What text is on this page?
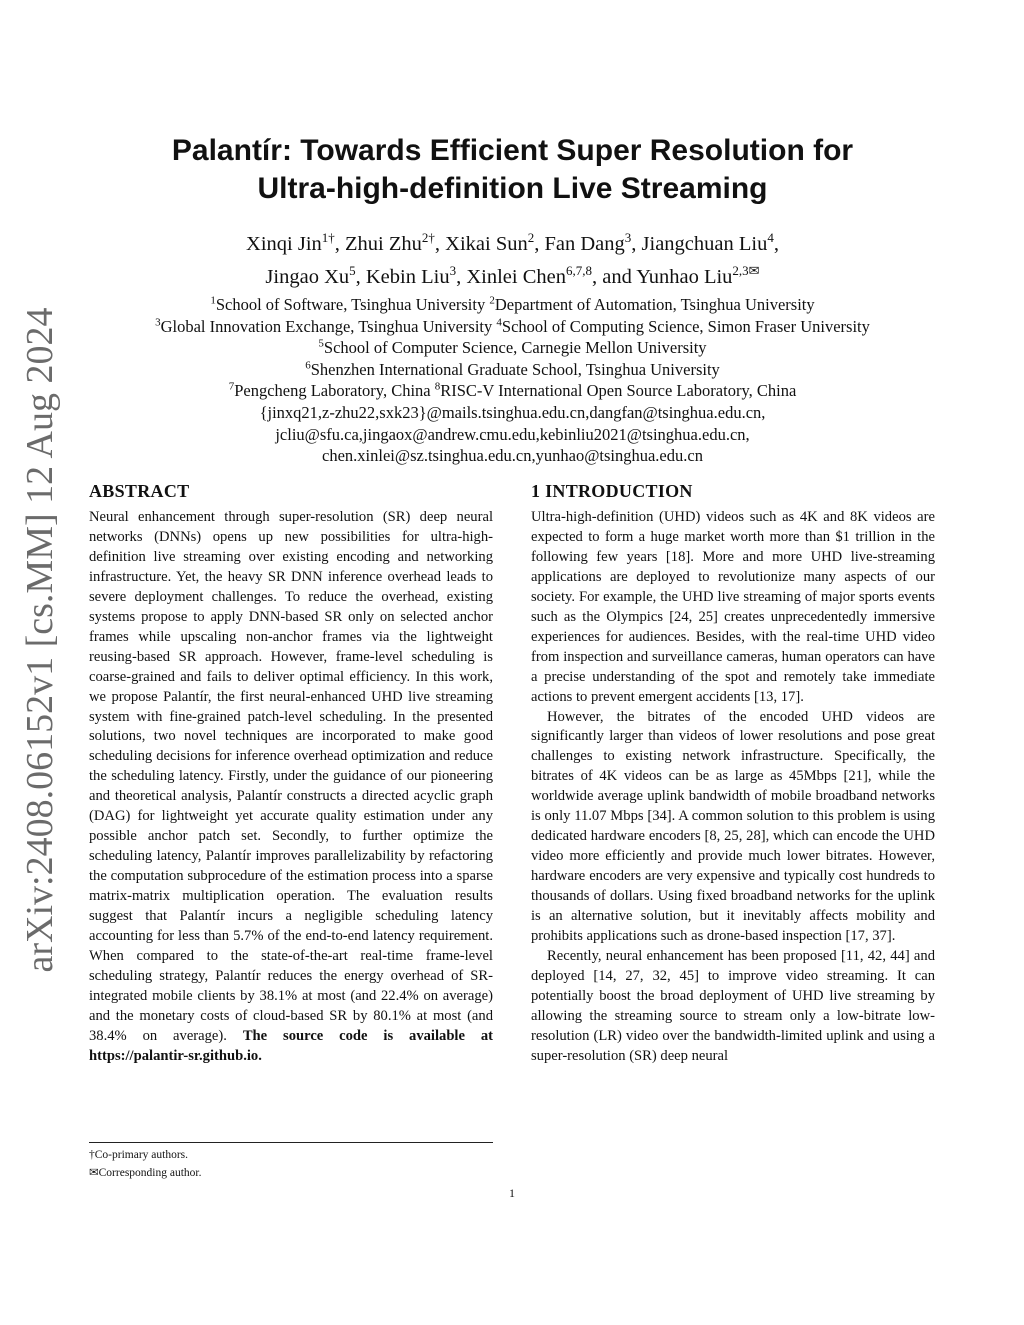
arXiv:2408.06152v1 [cs.MM] 12 Aug 2024
Palantír: Towards Efficient Super Resolution for
Ultra-high-definition Live Streaming
Xinqi Jin$^{1\dagger}$, Zhui Zhu$^{2\dagger}$, Xikai Sun$^2$, Fan Dang$^3$, Jiangchuan Liu$^4$,
Jingao Xu$^5$, Kebin Liu$^3$, Xinlei Chen$^{6,7,8}$, and Yunhao Liu$^{2,3✉}$
$^1$School of Software, Tsinghua University $^2$Department of Automation, Tsinghua University
$^3$Global Innovation Exchange, Tsinghua University $^4$School of Computing Science, Simon Fraser University
$^5$School of Computer Science, Carnegie Mellon University
$^6$Shenzhen International Graduate School, Tsinghua University
$^7$Pengcheng Laboratory, China $^8$RISC-V International Open Source Laboratory, China
{jinxq21,z-zhu22,sxk23}@mails.tsinghua.edu.cn,dangfan@tsinghua.edu.cn,
jcliu@sfu.ca,jingaox@andrew.cmu.edu,kebinliu2021@tsinghua.edu.cn,
chen.xinlei@sz.tsinghua.edu.cn,yunhao@tsinghua.edu.cn
ABSTRACT

Neural enhancement through super-resolution (SR) deep neural networks (DNNs) opens up new possibilities for ultra-high-definition live streaming over existing encoding and networking infrastructure. Yet, the heavy SR DNN inference overhead leads to severe deployment challenges. To reduce the overhead, existing systems propose to apply DNN-based SR only on selected anchor frames while upscaling non-anchor frames via the lightweight reusing-based SR approach. However, frame-level scheduling is coarse-grained and fails to deliver optimal efficiency. In this work, we propose Palantír, the first neural-enhanced UHD live streaming system with fine-grained patch-level scheduling. In the presented solutions, two novel techniques are incorporated to make good scheduling decisions for inference overhead optimization and reduce the scheduling latency. Firstly, under the guidance of our pioneering and theoretical analysis, Palantír constructs a directed acyclic graph (DAG) for lightweight yet accurate quality estimation under any possible anchor patch set. Secondly, to further optimize the scheduling latency, Palantír improves parallelizability by refactoring the computation subprocedure of the estimation process into a sparse matrix-matrix multiplication operation. The evaluation results suggest that Palantír incurs a negligible scheduling latency accounting for less than 5.7% of the end-to-end latency requirement. When compared to the state-of-the-art real-time frame-level scheduling strategy, Palantír reduces the energy overhead of SR-integrated mobile clients by 38.1% at most (and 22.4% on average) and the monetary costs of cloud-based SR by 80.1% at most (and 38.4% on average). The source code is available at https://palantir-sr.github.io.

1 INTRODUCTION

Ultra-high-definition (UHD) videos such as 4K and 8K videos are expected to form a huge market worth more than $1 trillion in the following few years [18]. More and more UHD live-streaming applications are deployed to revolutionize many aspects of our society. For example, the UHD live streaming of major sports events such as the Olympics [24, 25] creates unprecedentedly immersive experiences for audiences. Besides, with the real-time UHD video from inspection and surveillance cameras, human operators can have a precise understanding of the spot and remotely take immediate actions to prevent emergent accidents [13, 17].

However, the bitrates of the encoded UHD videos are significantly larger than videos of lower resolutions and pose great challenges to existing network infrastructure. Specifically, the bitrates of 4K videos can be as large as 45Mbps [21], while the worldwide average uplink bandwidth of mobile broadband networks is only 11.07 Mbps [34]. A common solution to this problem is using dedicated hardware encoders [8, 25, 28], which can encode the UHD video more efficiently and provide much lower bitrates. However, hardware encoders are very expensive and typically cost hundreds to thousands of dollars. Using fixed broadband networks for the uplink is an alternative solution, but it inevitably affects mobility and prohibits applications such as drone-based inspection [17, 37].

Recently, neural enhancement has been proposed [11, 42, 44] and deployed [14, 27, 32, 45] to improve video streaming. It can potentially boost the broad deployment of UHD live streaming by allowing the streaming source to stream only a low-bitrate low-resolution (LR) video over the bandwidth-limited uplink and using a super-resolution (SR) deep neural

†Co-primary authors.
✉Corresponding author.
1
